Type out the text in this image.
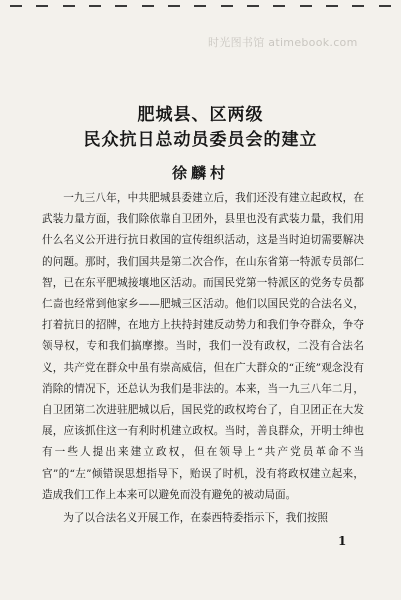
时光图书馆 atimebook.com
肥城县、区两级
民众抗日总动员委员会的建立
徐麟村

一九三八年，中共肥城县委建立后，我们还没有建立起政权，在武装力量方面，我们除依靠自卫团外，县里也没有武装力量，我们用什么名义公开进行抗日救国的宣传组织活动，这是当时迫切需要解决的问题。那时，我们国共是第二次合作，在山东省第一特派专员部仁智，已在东平肥城接壤地区活动。而国民党第一特派区的党务专员都仁啬也经常到他家乡——肥城三区活动。他们以国民党的合法名义，打着抗日的招牌，在地方上扶持封建反动势力和我们争夺群众，争夺领导权，专和我们搞摩擦。当时，我们一没有政权，二没有合法名义，共产党在群众中虽有崇高威信，但在广大群众的“正统”观念没有消除的情况下，还总认为我们是非法的。本来，当一九三八年二月，自卫团第二次进驻肥城以后，国民党的政权垮台了，自卫团正在大发展，应该抓住这一有利时机建立政权。当时，善良群众，开明士绅也有一些人提出来建立政权，但在领导上“共产党员革命不当官”的“左”倾错误思想指导下，贻误了时机，没有将政权建立起来，造成我们工作上本来可以避免而没有避免的被动局面。

为了以合法名义开展工作，在泰西特委指示下，我们按照

1
